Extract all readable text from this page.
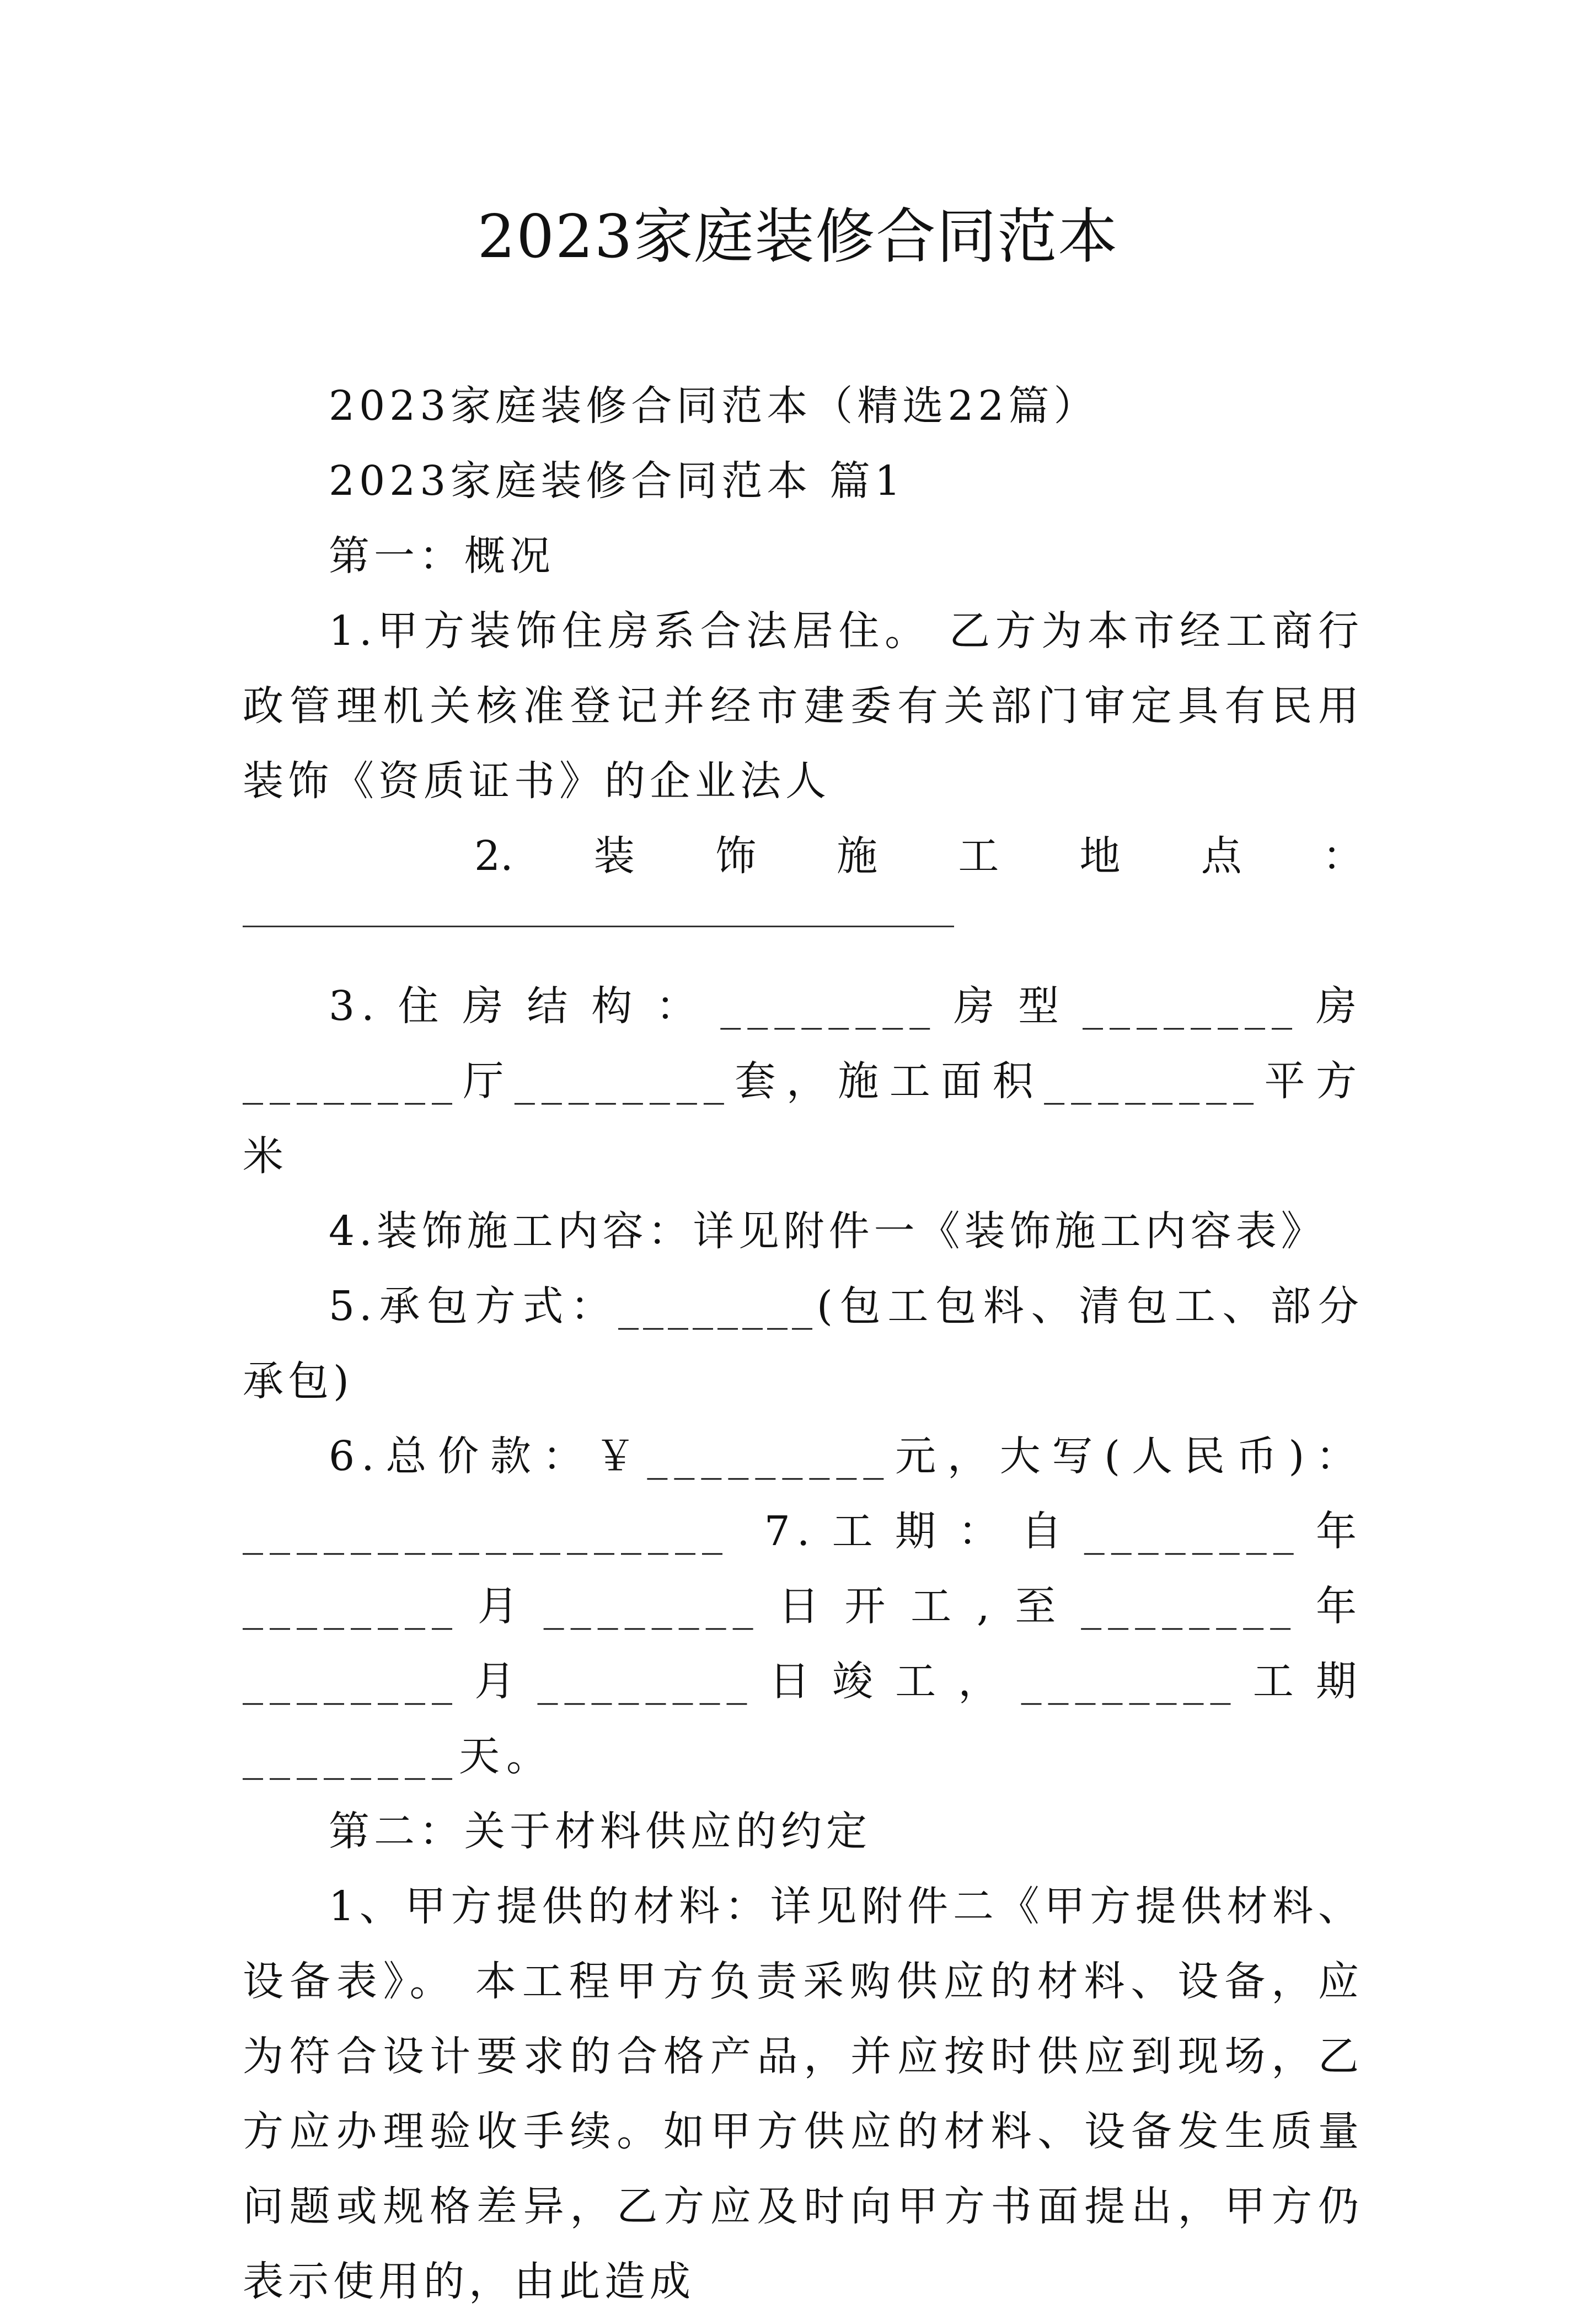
2023家庭装修合同范本

2023家庭装修合同范本（精选22篇）

2023家庭装修合同范本 篇1

第一：概况

1.甲方装饰住房系合法居住。 乙方为本市经工商行政管理机关核准登记并经市建委有关部门审定具有民用装饰《资质证书》的企业法人

2. 装 饰 施 工 地 点 ：

3.住房结构：________房型________房________厅________套，施工面积________平方米

4.装饰施工内容：详见附件一《装饰施工内容表》

5.承包方式：________(包工包料、清包工、部分承包)

6.总价款：￥_________元，大写(人民币)：__________________ 7.工期：自________年________月________日开工,至________年________月________日竣工，________工期 ________天。

第二：关于材料供应的约定

1、甲方提供的材料：详见附件二《甲方提供材料、设备表》。 本工程甲方负责采购供应的材料、设备，应为符合设计要求的合格产品，并应按时供应到现场，乙方应办理验收手续。如甲方供应的材料、设备发生质量问题或规格差异，乙方应及时向甲方书面提出，甲方仍表示使用的，由此造成
